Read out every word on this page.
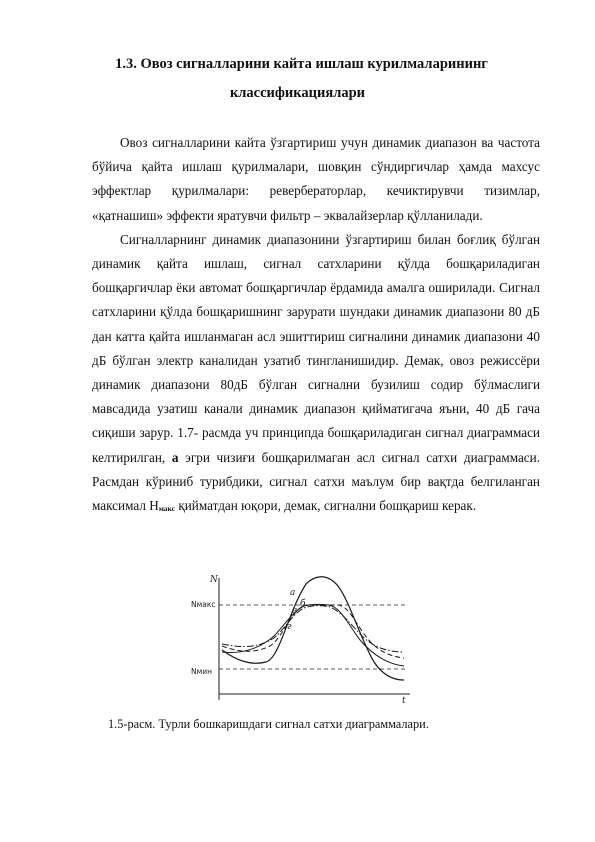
1.3. Овоз сигналларини кайта ишлаш курилмаларининг
классификациялари

Овоз сигналларини кайта ўзгартириш учун динамик диапазон ва частота бўйича қайта ишлаш қурилмалари, шовқин сўндиргичлар ҳамда махсус эффектлар қурилмалари: ревербераторлар, кечиктирувчи тизимлар, «қатнашиш» эффекти яратувчи фильтр – эквалайзерлар қўлланилади.

Сигналларнинг динамик диапазонини ўзгартириш билан боғлиқ бўлган динамик қайта ишлаш, сигнал сатхларини қўлда бошқариладиган бошқаргичлар ёки автомат бошқаргичлар ёрдамида амалга оширилади. Сигнал сатхларини қўлда бошқаришнинг зарурати шундаки динамик диапазони 80 дБ дан катта қайта ишланмаган асл эшиттириш сигналини динамик диапазони 40 дБ бўлган электр каналидан узатиб тингланишидир. Демак, овоз режиссёри динамик диапазони 80дБ бўлган сигнални бузилиш содир бўлмаслиги мавсадида узатиш канали динамик диапазон қийматигача яъни, 40 дБ гача сиқиши зарур. 1.7- расмда уч принципда бошқариладиган сигнал диаграммаси келтирилган, а эгри чизиғи бошқарилмаган асл сигнал сатхи диаграммаси. Расмдан кўриниб турибдики, сигнал сатхи маълум бир вақтда белгиланган максимал Нмакс қийматдан юқори, демак, сигнални бошқариш керак.

N
t
Nмакс
Nмин
a
б
в
г
1.5-расм. Турли бошкаришдаги сигнал сатхи диаграммалари.
